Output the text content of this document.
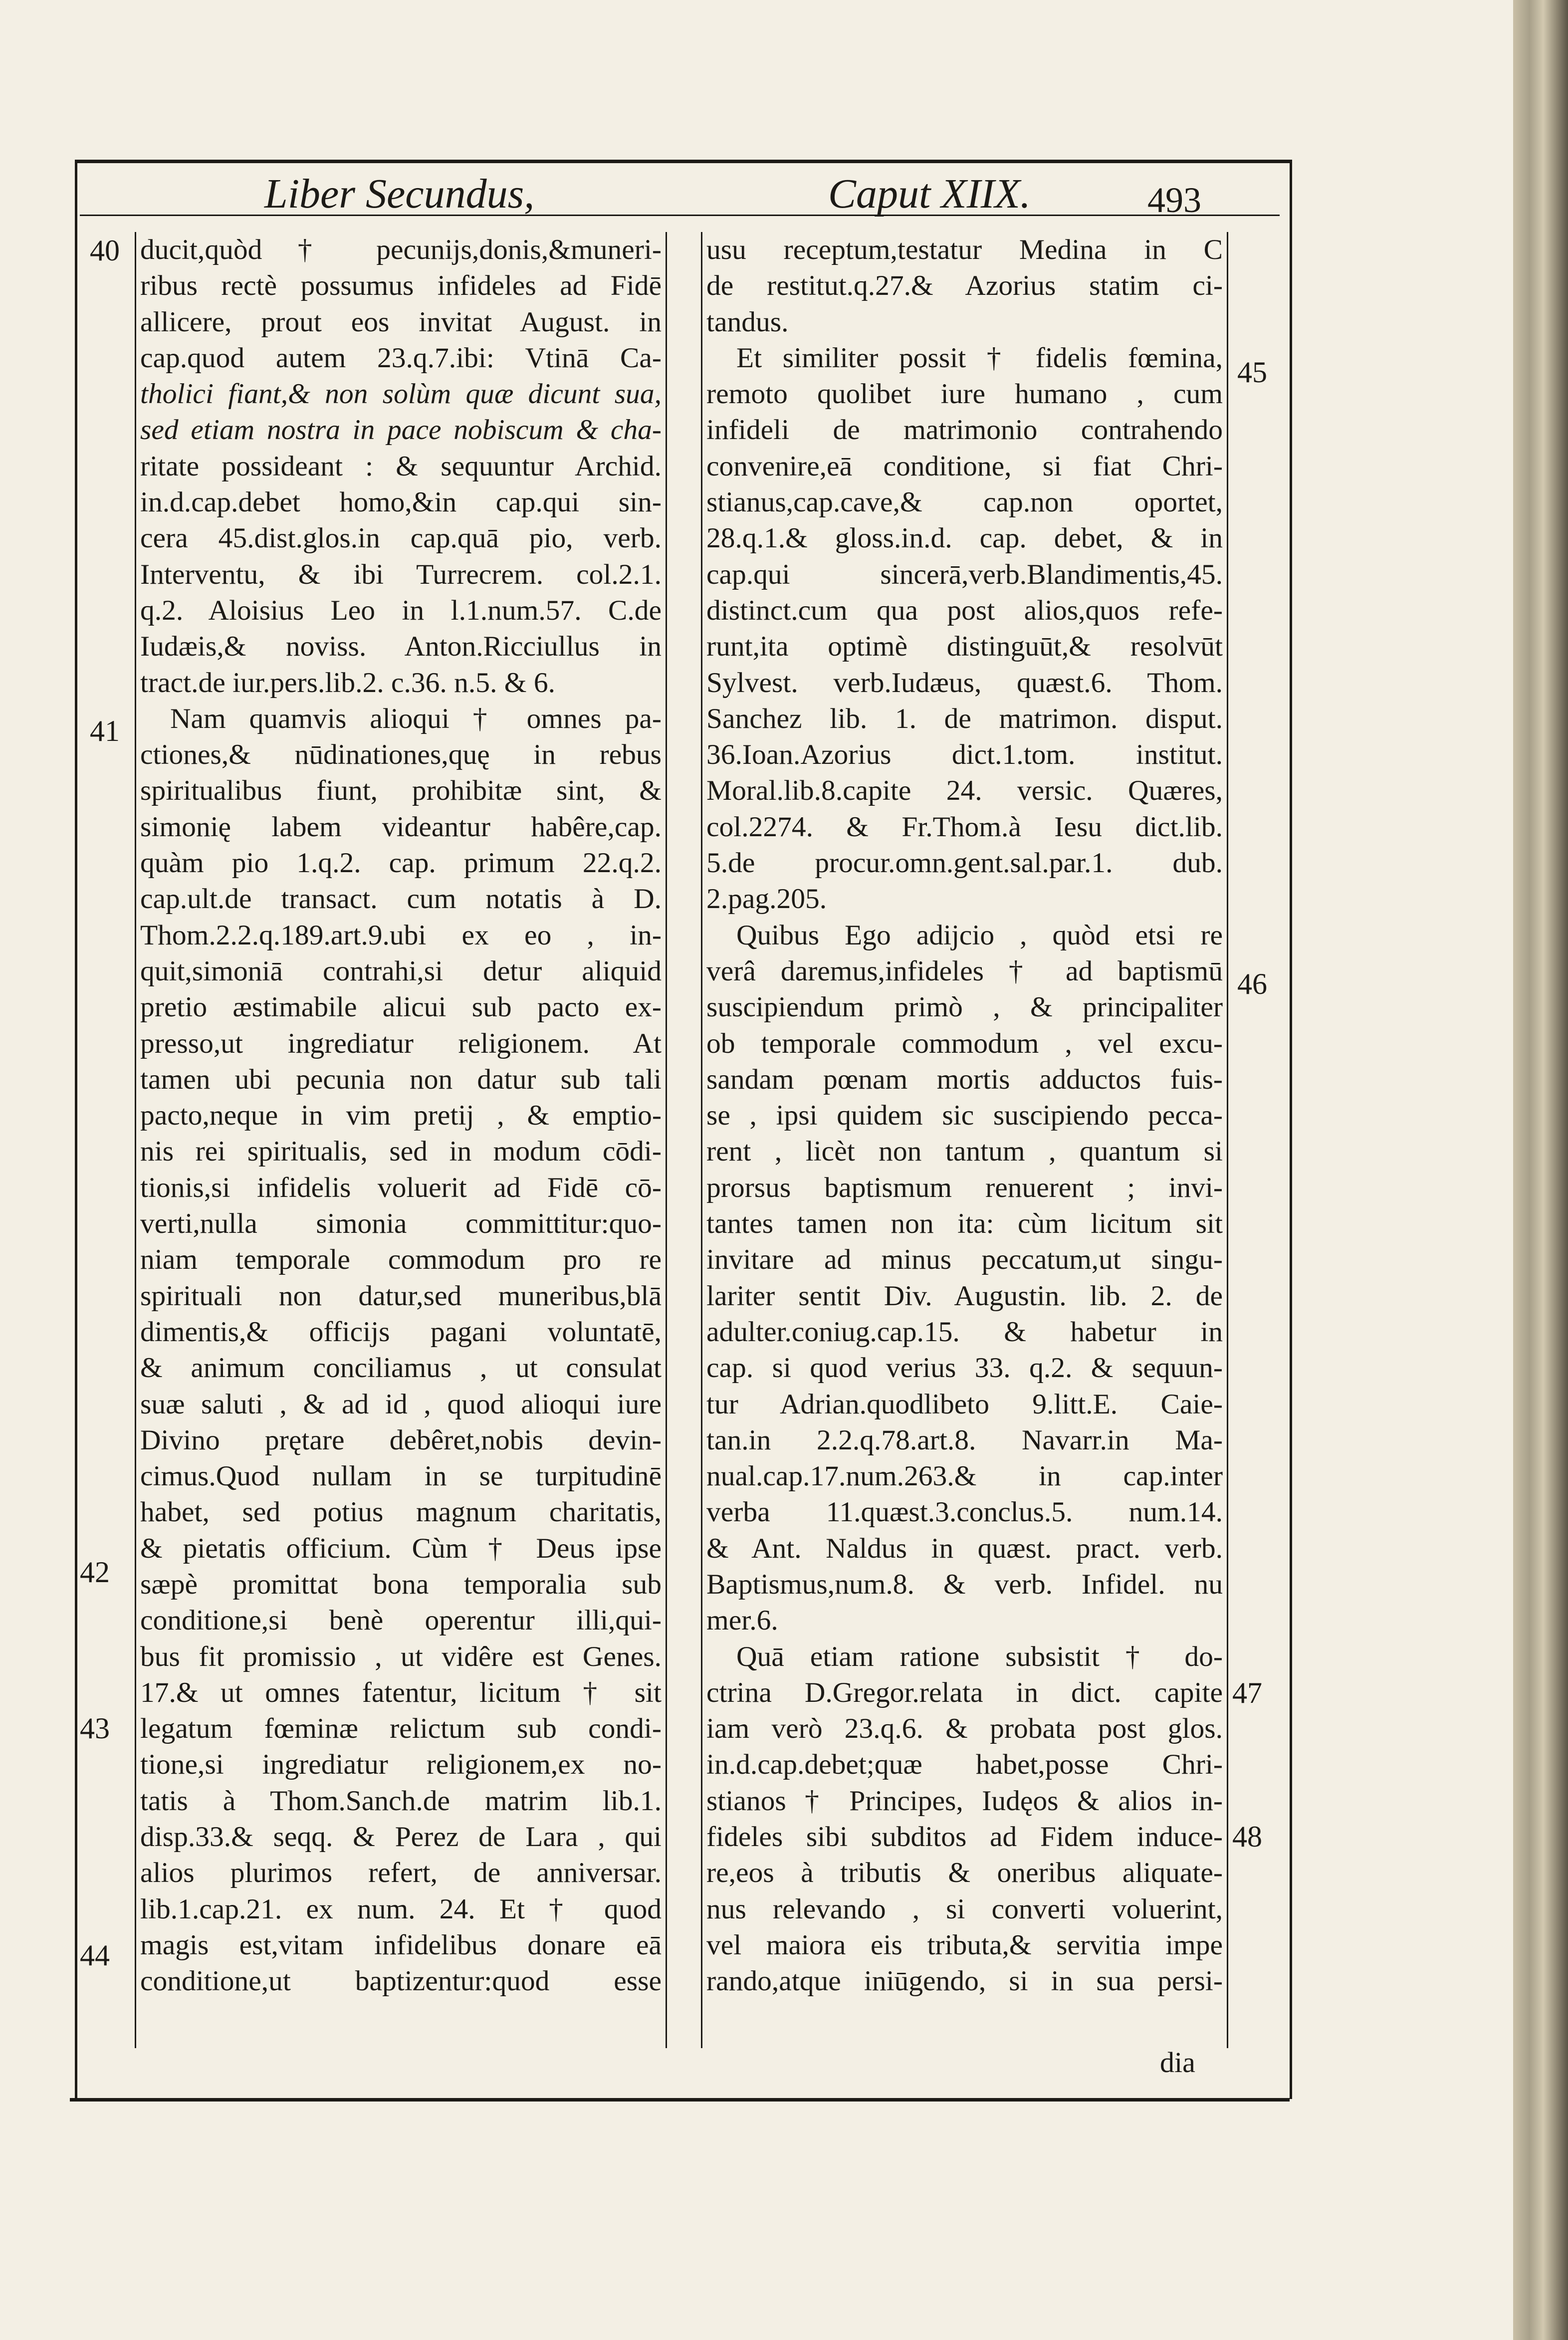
Liber Secundus,	Caput XIIX.	493
40
41
42
43
44
45
46
47
48
ducit,quòd † pecunijs,donis,&muneri-
ribus rectè possumus infideles ad Fidē
allicere, prout eos invitat August. in
cap.quod autem 23.q.7.ibi: Vtinā Ca-
tholici fiant,& non solùm quæ dicunt sua,
sed etiam nostra in pace nobiscum & cha-
ritate possideant : & sequuntur Archid.
in.d.cap.debet homo,&in cap.qui sin-
cera 45.dist.glos.in cap.quā pio, verb.
Interventu, & ibi Turrecrem. col.2.1.
q.2. Aloisius Leo in l.1.num.57. C.de
Iudæis,& noviss. Anton.Ricciullus in
tract.de iur.pers.lib.2. c.36. n.5. & 6.
Nam quamvis alioqui † omnes pa-
ctiones,& nūdinationes,quę in rebus
spiritualibus fiunt, prohibitæ sint, &
simonię labem videantur habêre,cap.
quàm pio 1.q.2. cap. primum 22.q.2.
cap.ult.de transact. cum notatis à D.
Thom.2.2.q.189.art.9.ubi ex eo , in-
quit,simoniā contrahi,si detur aliquid
pretio æstimabile alicui sub pacto ex-
presso,ut ingrediatur religionem. At
tamen ubi pecunia non datur sub tali
pacto,neque in vim pretij , & emptio-
nis rei spiritualis, sed in modum cōdi-
tionis,si infidelis voluerit ad Fidē cō-
verti,nulla simonia committitur:quo-
niam temporale commodum pro re
spirituali non datur,sed muneribus,blā
dimentis,& officijs pagani voluntatē,
& animum conciliamus , ut consulat
suæ saluti , & ad id , quod alioqui iure
Divino prętare debêret,nobis devin-
cimus.Quod nullam in se turpitudinē
habet, sed potius magnum charitatis,
& pietatis officium. Cùm † Deus ipse
sæpè promittat bona temporalia sub
conditione,si benè operentur illi,qui-
bus fit promissio , ut vidêre est Genes.
17.& ut omnes fatentur, licitum † sit
legatum fœminæ relictum sub condi-
tione,si ingrediatur religionem,ex no-
tatis à Thom.Sanch.de matrim lib.1.
disp.33.& seqq. & Perez de Lara , qui
alios plurimos refert, de anniversar.
lib.1.cap.21. ex num. 24. Et † quod
magis est,vitam infidelibus donare eā
conditione,ut baptizentur:quod esse
usu receptum,testatur Medina in C
de restitut.q.27.& Azorius statim ci-
tandus.
Et similiter possit † fidelis fœmina,
remoto quolibet iure humano , cum
infideli de matrimonio contrahendo
convenire,eā conditione, si fiat Chri-
stianus,cap.cave,& cap.non oportet,
28.q.1.& gloss.in.d. cap. debet, & in
cap.qui sincerā,verb.Blandimentis,45.
distinct.cum qua post alios,quos refe-
runt,ita optimè distinguūt,& resolvūt
Sylvest. verb.Iudæus, quæst.6. Thom.
Sanchez lib. 1. de matrimon. disput.
36.Ioan.Azorius dict.1.tom. institut.
Moral.lib.8.capite 24. versic. Quæres,
col.2274. & Fr.Thom.à Iesu dict.lib.
5.de procur.omn.gent.sal.par.1. dub.
2.pag.205.
Quibus Ego adijcio , quòd etsi re
verâ daremus,infideles † ad baptismū
suscipiendum primò , & principaliter
ob temporale commodum , vel excu-
sandam pœnam mortis adductos fuis-
se , ipsi quidem sic suscipiendo pecca-
rent , licèt non tantum , quantum si
prorsus baptismum renuerent ; invi-
tantes tamen non ita: cùm licitum sit
invitare ad minus peccatum,ut singu-
lariter sentit Div. Augustin. lib. 2. de
adulter.coniug.cap.15. & habetur in
cap. si quod verius 33. q.2. & sequun-
tur Adrian.quodlibeto 9.litt.E. Caie-
tan.in 2.2.q.78.art.8. Navarr.in Ma-
nual.cap.17.num.263.& in cap.inter
verba 11.quæst.3.conclus.5. num.14.
& Ant. Naldus in quæst. pract. verb.
Baptismus,num.8. & verb. Infidel. nu
mer.6.
Quā etiam ratione subsistit † do-
ctrina D.Gregor.relata in dict. capite
iam verò 23.q.6. & probata post glos.
in.d.cap.debet;quæ habet,posse Chri-
stianos † Principes, Iudęos & alios in-
fideles sibi subditos ad Fidem induce-
re,eos à tributis & oneribus aliquate-
nus relevando , si converti voluerint,
vel maiora eis tributa,& servitia impe
rando,atque iniūgendo, si in sua persi-
dia
